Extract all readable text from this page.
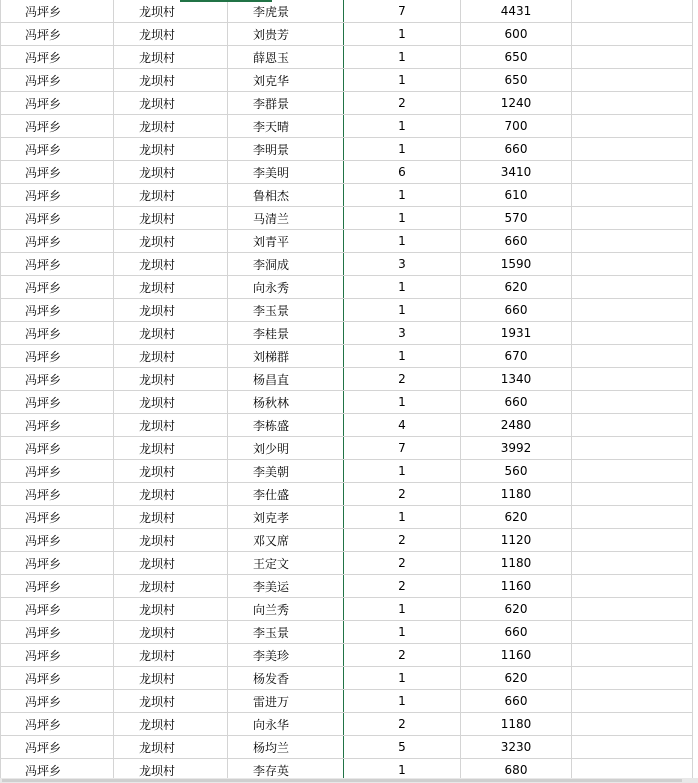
冯坪乡	龙坝村	李虎景	7	4431	
冯坪乡	龙坝村	刘贵芳	1	600	
冯坪乡	龙坝村	薛恩玉	1	650	
冯坪乡	龙坝村	刘克华	1	650	
冯坪乡	龙坝村	李群景	2	1240	
冯坪乡	龙坝村	李天晴	1	700	
冯坪乡	龙坝村	李明景	1	660	
冯坪乡	龙坝村	李美明	6	3410	
冯坪乡	龙坝村	鲁相杰	1	610	
冯坪乡	龙坝村	马清兰	1	570	
冯坪乡	龙坝村	刘青平	1	660	
冯坪乡	龙坝村	李洞成	3	1590	
冯坪乡	龙坝村	向永秀	1	620	
冯坪乡	龙坝村	李玉景	1	660	
冯坪乡	龙坝村	李桂景	3	1931	
冯坪乡	龙坝村	刘梯群	1	670	
冯坪乡	龙坝村	杨昌直	2	1340	
冯坪乡	龙坝村	杨秋林	1	660	
冯坪乡	龙坝村	李栋盛	4	2480	
冯坪乡	龙坝村	刘少明	7	3992	
冯坪乡	龙坝村	李美朝	1	560	
冯坪乡	龙坝村	李仕盛	2	1180	
冯坪乡	龙坝村	刘克孝	1	620	
冯坪乡	龙坝村	邓又席	2	1120	
冯坪乡	龙坝村	王定文	2	1180	
冯坪乡	龙坝村	李美运	2	1160	
冯坪乡	龙坝村	向兰秀	1	620	
冯坪乡	龙坝村	李玉景	1	660	
冯坪乡	龙坝村	李美珍	2	1160	
冯坪乡	龙坝村	杨发香	1	620	
冯坪乡	龙坝村	雷进万	1	660	
冯坪乡	龙坝村	向永华	2	1180	
冯坪乡	龙坝村	杨均兰	5	3230	
冯坪乡	龙坝村	李存英	1	680	
